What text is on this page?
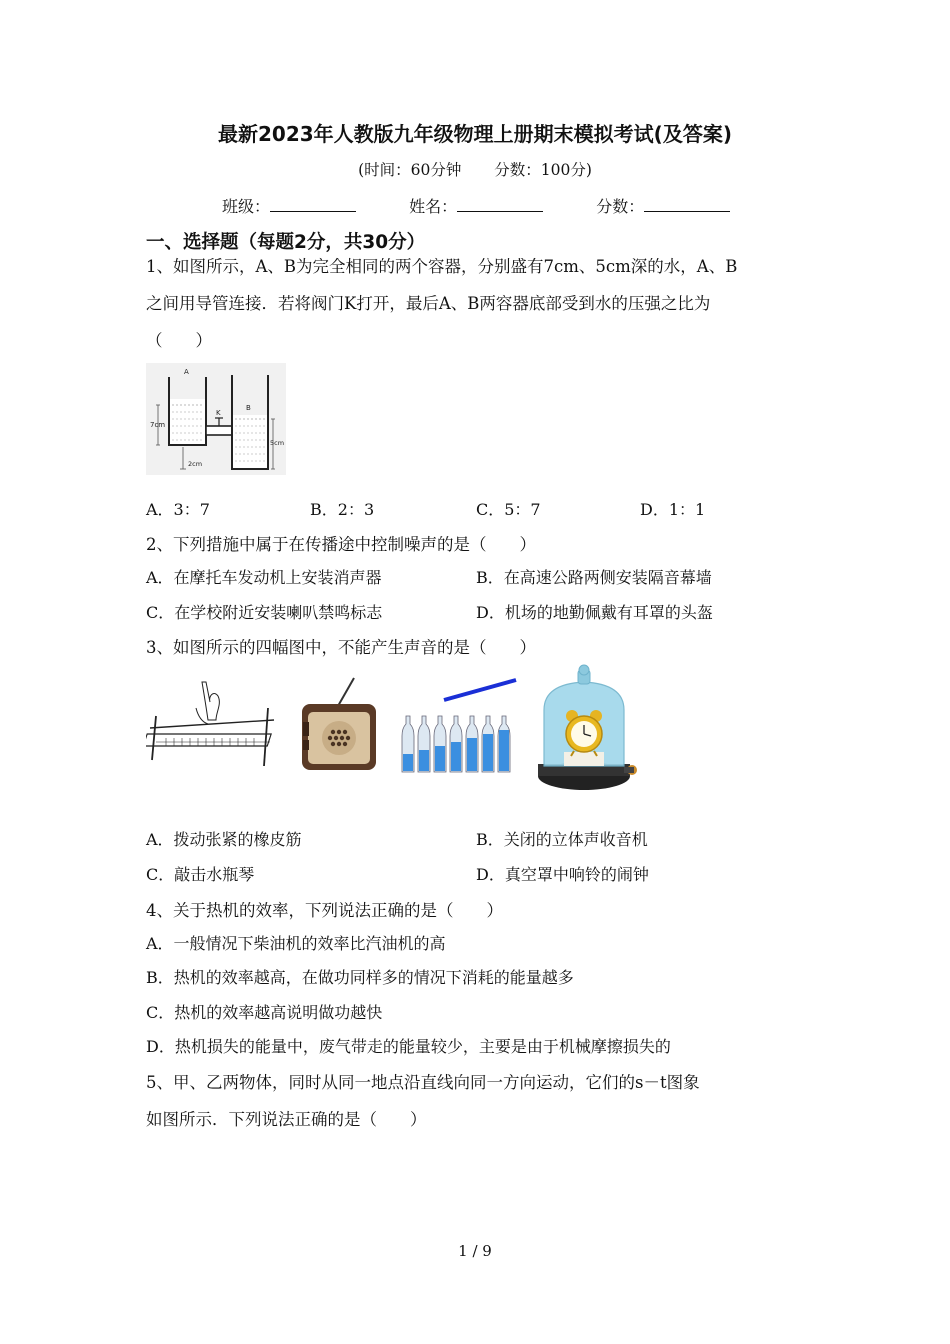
最新2023年人教版九年级物理上册期末模拟考试(及答案)
(时间：60分钟 分数：100分)
班级：	姓名：	分数：
一、选择题（每题2分，共30分）
1、如图所示，A、B为完全相同的两个容器，分别盛有7cm、5cm深的水，A、B
之间用导管连接．若将阀门K打开，最后A、B两容器底部受到水的压强之比为
（　　）
7cm
A
K
B
5cm
2cm
A．3：7	B．2：3	C．5：7	D．1：1
2、下列措施中属于在传播途中控制噪声的是（　　）
A．在摩托车发动机上安装消声器	B．在高速公路两侧安装隔音幕墙
C．在学校附近安装喇叭禁鸣标志	D．机场的地勤佩戴有耳罩的头盔
3、如图所示的四幅图中，不能产生声音的是（　　）
A．拨动张紧的橡皮筋	B．关闭的立体声收音机
C．敲击水瓶琴	D．真空罩中响铃的闹钟
4、关于热机的效率，下列说法正确的是（　　）
A．一般情况下柴油机的效率比汽油机的高
B．热机的效率越高，在做功同样多的情况下消耗的能量越多
C．热机的效率越高说明做功越快
D．热机损失的能量中，废气带走的能量较少，主要是由于机械摩擦损失的
5、甲、乙两物体，同时从同一地点沿直线向同一方向运动，它们的s－t图象
如图所示．下列说法正确的是（　　）
1 / 9
